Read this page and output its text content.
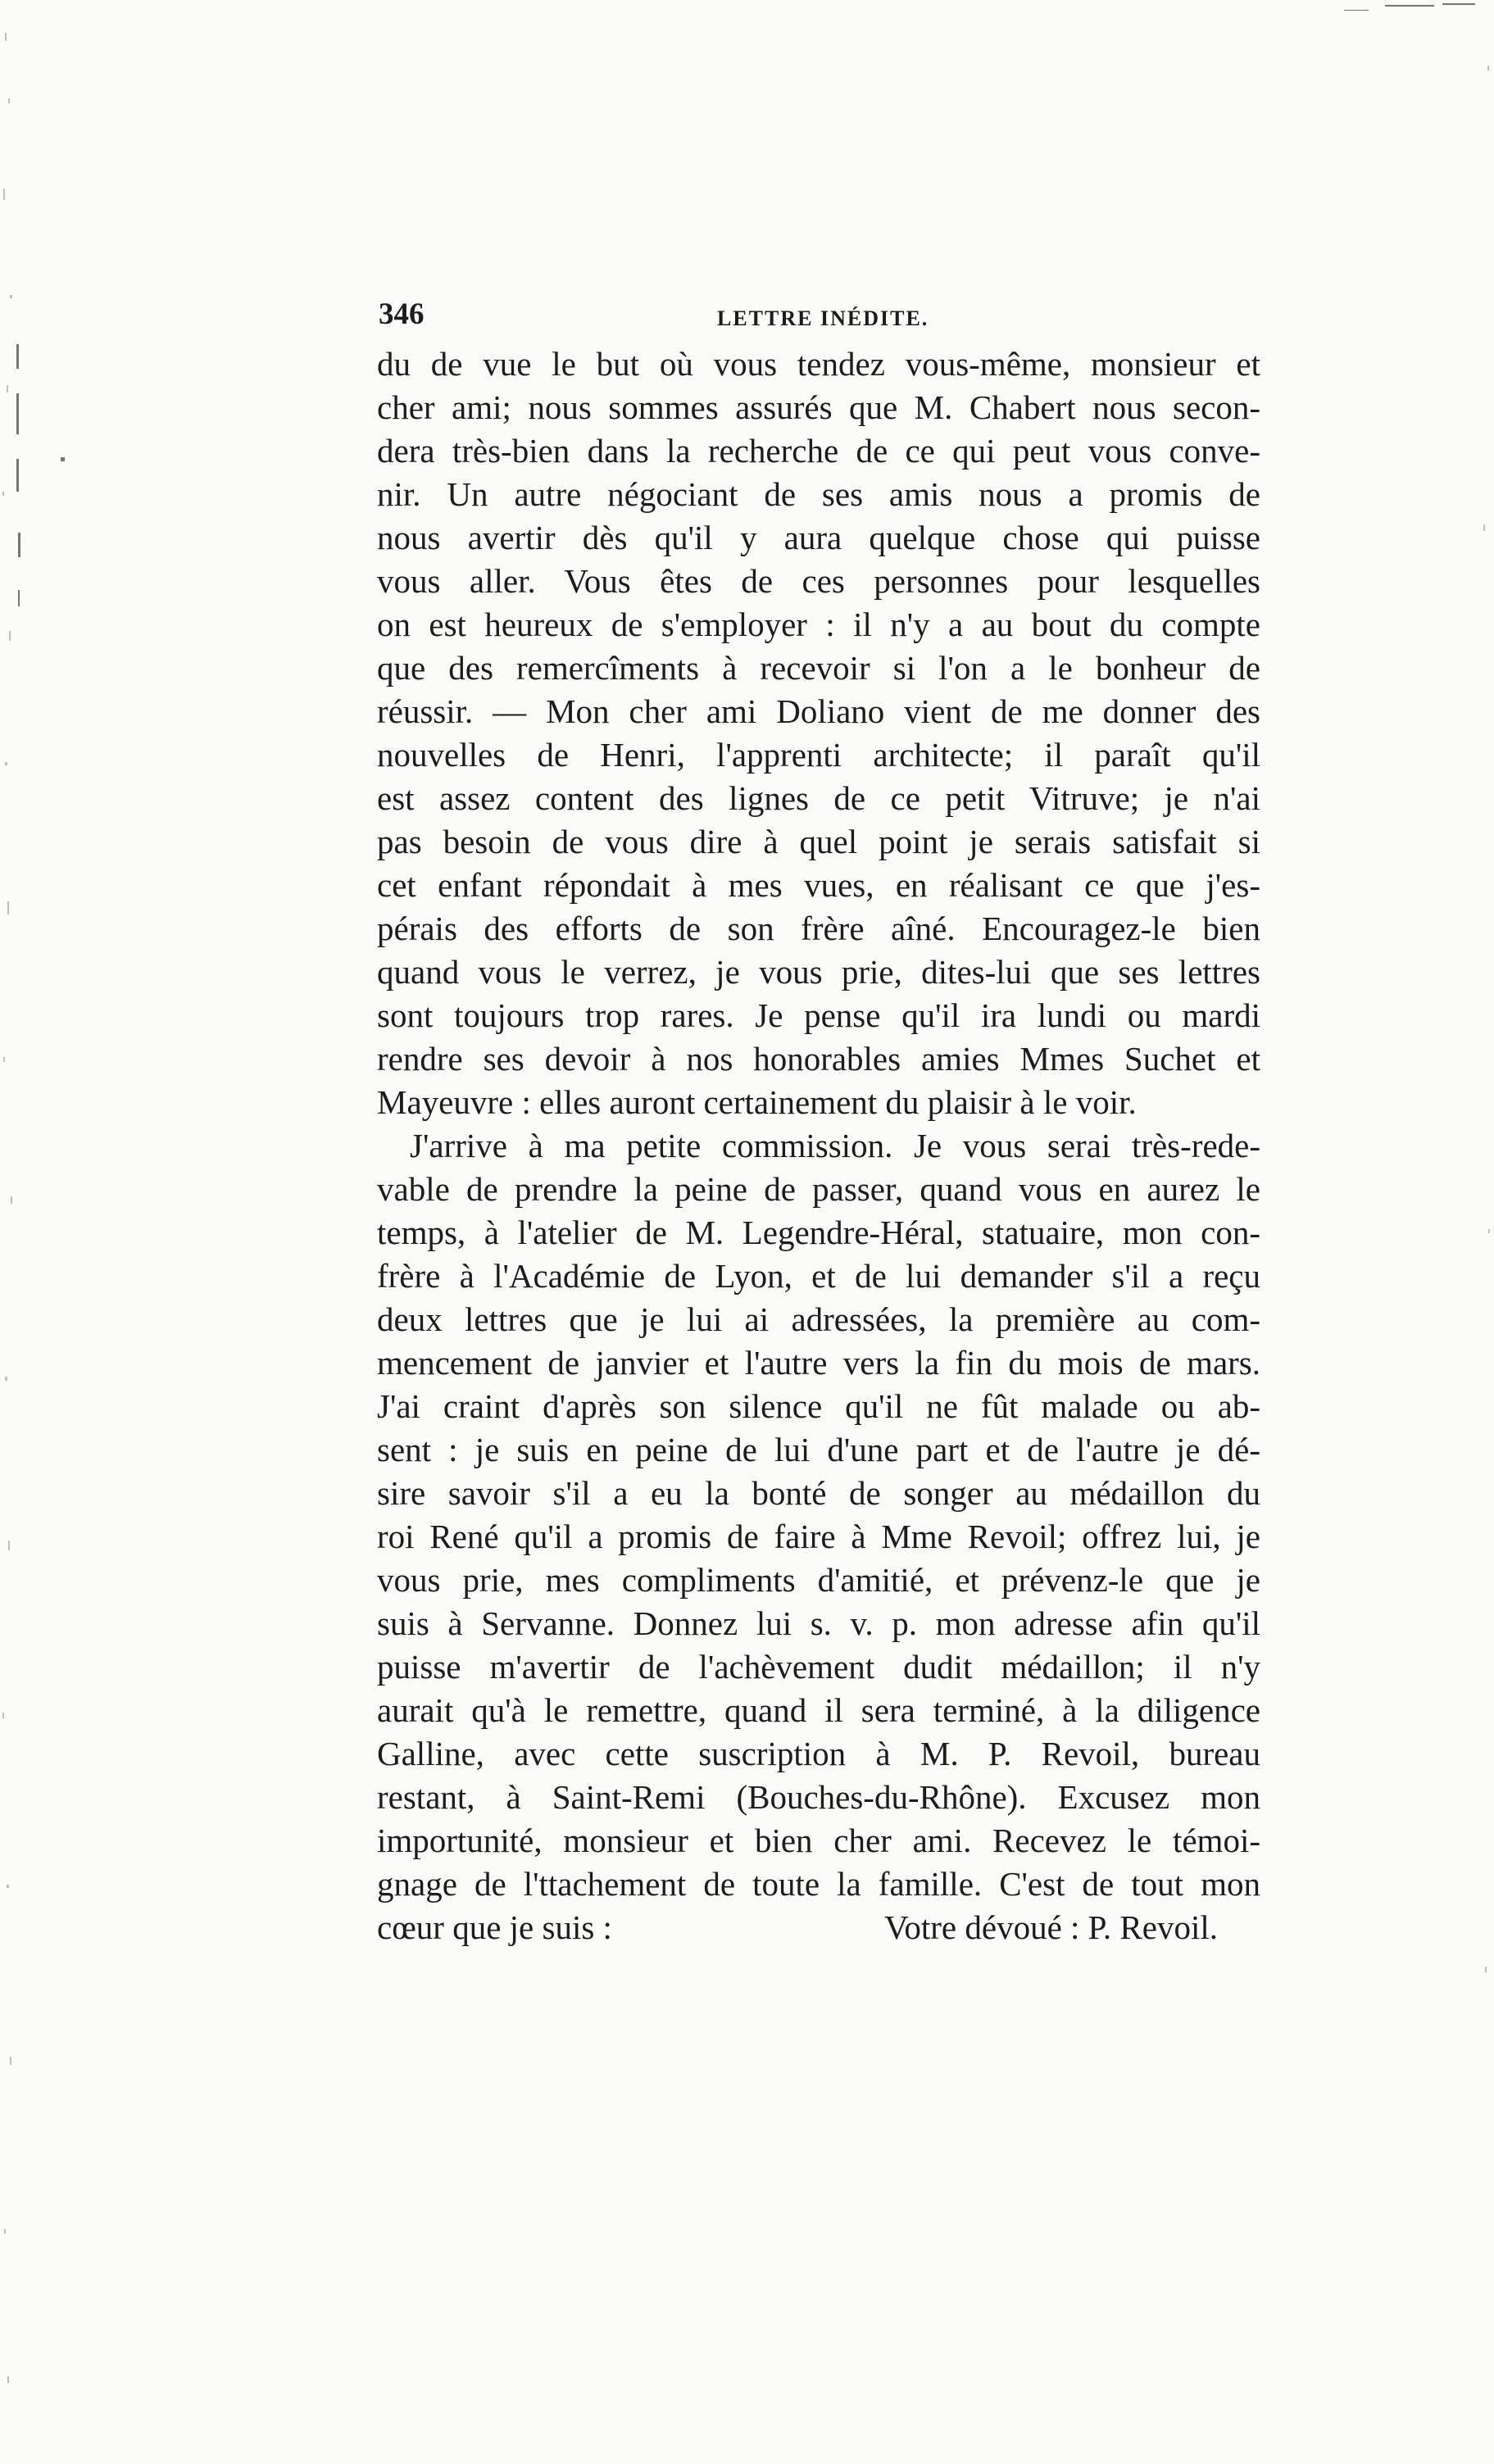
346	LETTRE INÉDITE.
du de vue le but où vous tendez vous-même, monsieur et
cher ami; nous sommes assurés que M. Chabert nous secon-
dera très-bien dans la recherche de ce qui peut vous conve-
nir. Un autre négociant de ses amis nous a promis de
nous avertir dès qu'il y aura quelque chose qui puisse
vous aller. Vous êtes de ces personnes pour lesquelles
on est heureux de s'employer : il n'y a au bout du compte
que des remercîments à recevoir si l'on a le bonheur de
réussir. — Mon cher ami Doliano vient de me donner des
nouvelles de Henri, l'apprenti architecte; il paraît qu'il
est assez content des lignes de ce petit Vitruve; je n'ai
pas besoin de vous dire à quel point je serais satisfait si
cet enfant répondait à mes vues, en réalisant ce que j'es-
pérais des efforts de son frère aîné. Encouragez-le bien
quand vous le verrez, je vous prie, dites-lui que ses lettres
sont toujours trop rares. Je pense qu'il ira lundi ou mardi
rendre ses devoir à nos honorables amies Mmes Suchet et
Mayeuvre : elles auront certainement du plaisir à le voir.
J'arrive à ma petite commission. Je vous serai très-rede-
vable de prendre la peine de passer, quand vous en aurez le
temps, à l'atelier de M. Legendre-Héral, statuaire, mon con-
frère à l'Académie de Lyon, et de lui demander s'il a reçu
deux lettres que je lui ai adressées, la première au com-
mencement de janvier et l'autre vers la fin du mois de mars.
J'ai craint d'après son silence qu'il ne fût malade ou ab-
sent : je suis en peine de lui d'une part et de l'autre je dé-
sire savoir s'il a eu la bonté de songer au médaillon du
roi René qu'il a promis de faire à Mme Revoil; offrez lui, je
vous prie, mes compliments d'amitié, et prévenz-le que je
suis à Servanne. Donnez lui s. v. p. mon adresse afin qu'il
puisse m'avertir de l'achèvement dudit médaillon; il n'y
aurait qu'à le remettre, quand il sera terminé, à la diligence
Galline, avec cette suscription à M. P. Revoil, bureau
restant, à Saint-Remi (Bouches-du-Rhône). Excusez mon
importunité, monsieur et bien cher ami. Recevez le témoi-
gnage de l'ttachement de toute la famille. C'est de tout mon
cœur que je suis :	Votre dévoué : P. Revoil.
